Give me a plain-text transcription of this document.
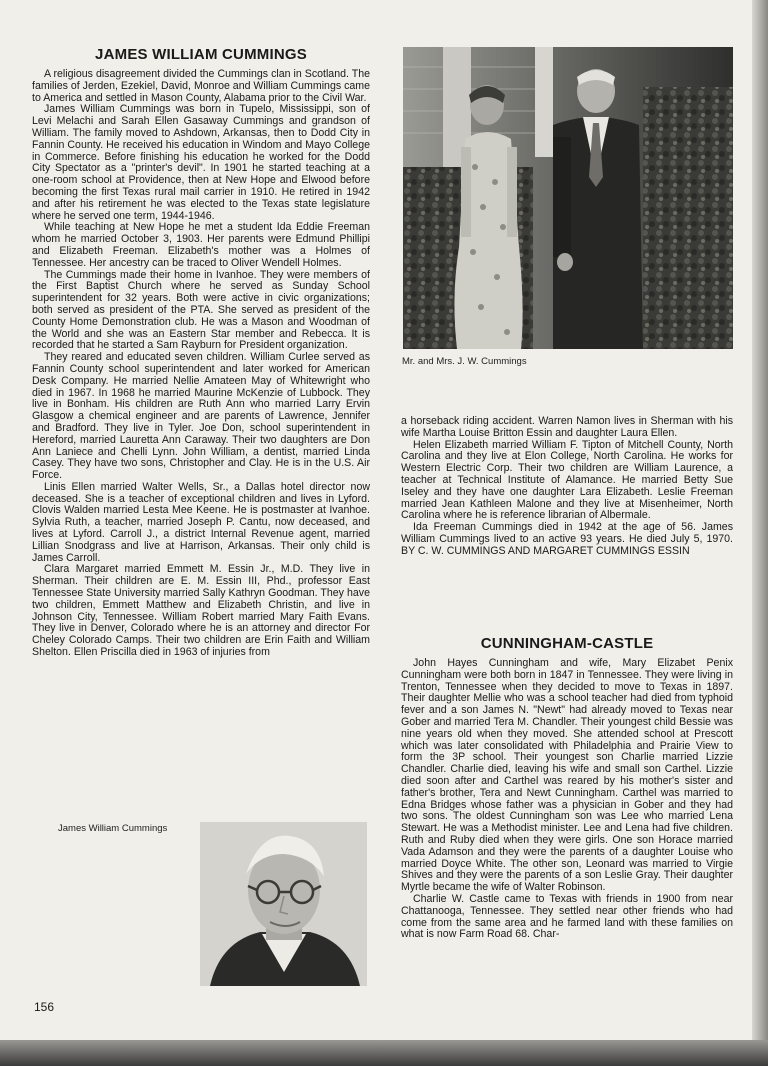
JAMES WILLIAM CUMMINGS

A religious disagreement divided the Cummings clan in Scotland. The families of Jerden, Ezekiel, David, Monroe and William Cummings came to America and settled in Mason County, Alabama prior to the Civil War.

James William Cummings was born in Tupelo, Mississippi, son of Levi Melachi and Sarah Ellen Gasaway Cummings and grandson of William. The family moved to Ashdown, Arkansas, then to Dodd City in Fannin County. He received his education in Windom and Mayo College in Commerce. Before finishing his education he worked for the Dodd City Spectator as a "printer's devil". In 1901 he started teaching at a one-room school at Providence, then at New Hope and Elwood before becoming the first Texas rural mail carrier in 1910. He retired in 1942 and after his retirement he was elected to the Texas state legislature where he served one term, 1944-1946.

While teaching at New Hope he met a student Ida Eddie Freeman whom he married October 3, 1903. Her parents were Edmund Phillipi and Elizabeth Freeman. Elizabeth's mother was a Holmes of Tennessee. Her ancestry can be traced to Oliver Wendell Holmes.

The Cummings made their home in Ivanhoe. They were members of the First Baptist Church where he served as Sunday School superintendent for 32 years. Both were active in civic organizations; both served as president of the PTA. She served as president of the County Home Demonstration club. He was a Mason and Woodman of the World and she was an Eastern Star member and Rebecca. It is recorded that he started a Sam Rayburn for President organization.

They reared and educated seven children. William Curlee served as Fannin County school superintendent and later worked for American Desk Company. He married Nellie Amateen May of Whitewright who died in 1967. In 1968 he married Maurine McKenzie of Lubbock. They live in Bonham. His children are Ruth Ann who married Larry Ervin Glasgow a chemical engineer and are parents of Lawrence, Jennifer and Bradford. They live in Tyler. Joe Don, school superintendent in Hereford, married Lauretta Ann Caraway. Their two daughters are Don Ann Laniece and Chelli Lynn. John William, a dentist, married Linda Casey. They have two sons, Christopher and Clay. He is in the U.S. Air Force.

Linis Ellen married Walter Wells, Sr., a Dallas hotel director now deceased. She is a teacher of exceptional children and lives in Lyford. Clovis Walden married Lesta Mee Keene. He is postmaster at Ivanhoe. Sylvia Ruth, a teacher, married Joseph P. Cantu, now deceased, and lives at Lyford. Carroll J., a district Internal Revenue agent, married Lillian Snodgrass and live at Harrison, Arkansas. Their only child is James Carroll.

Clara Margaret married Emmett M. Essin Jr., M.D. They live in Sherman. Their children are E. M. Essin III, Phd., professor East Tennessee State University married Sally Kathryn Goodman. They have two children, Emmett Matthew and Elizabeth Christin, and live in Johnson City, Tennessee. William Robert married Mary Faith Evans. They live in Denver, Colorado where he is an attorney and director For Cheley Colorado Camps. Their two children are Erin Faith and William Shelton. Ellen Priscilla died in 1963 of injuries from

Mr. and Mrs. J. W. Cummings

a horseback riding accident. Warren Namon lives in Sherman with his wife Martha Louise Britton Essin and daughter Laura Ellen.

Helen Elizabeth married William F. Tipton of Mitchell County, North Carolina and they live at Elon College, North Carolina. He works for Western Electric Corp. Their two children are William Laurence, a teacher at Technical Institute of Alamance. He married Betty Sue Iseley and they have one daughter Lara Elizabeth. Leslie Freeman married Jean Kathleen Malone and they live at Misenheimer, North Carolina where he is reference librarian of Albermale.

Ida Freeman Cummings died in 1942 at the age of 56. James William Cummings lived to an active 93 years. He died July 5, 1970. BY C. W. CUMMINGS AND MARGARET CUMMINGS ESSIN

CUNNINGHAM-CASTLE

John Hayes Cunningham and wife, Mary Elizabet Penix Cunningham were both born in 1847 in Tennessee. They were living in Trenton, Tennessee when they decided to move to Texas in 1897. Their daughter Mellie who was a school teacher had died from typhoid fever and a son James N. "Newt" had already moved to Texas near Gober and married Tera M. Chandler. Their youngest child Bessie was nine years old when they moved. She attended school at Prescott which was later consolidated with Philadelphia and Prairie View to form the 3P school. Their youngest son Charlie married Lizzie Chandler. Charlie died, leaving his wife and small son Carthel. Lizzie died soon after and Carthel was reared by his mother's sister and father's brother, Tera and Newt Cunningham. Carthel was married to Edna Bridges whose father was a physician in Gober and they had two sons. The oldest Cunningham son was Lee who married Lena Stewart. He was a Methodist minister. Lee and Lena had five children. Ruth and Ruby died when they were girls. One son Horace married Vada Adamson and they were the parents of a daughter Louise who married Doyce White. The other son, Leonard was married to Virgie Shives and they were the parents of a son Leslie Gray. Their daughter Myrtle became the wife of Walter Robinson.

Charlie W. Castle came to Texas with friends in 1900 from near Chattanooga, Tennessee. They settled near other friends who had come from the same area and he farmed land with these families on what is now Farm Road 68. Char-

James William Cummings
156
